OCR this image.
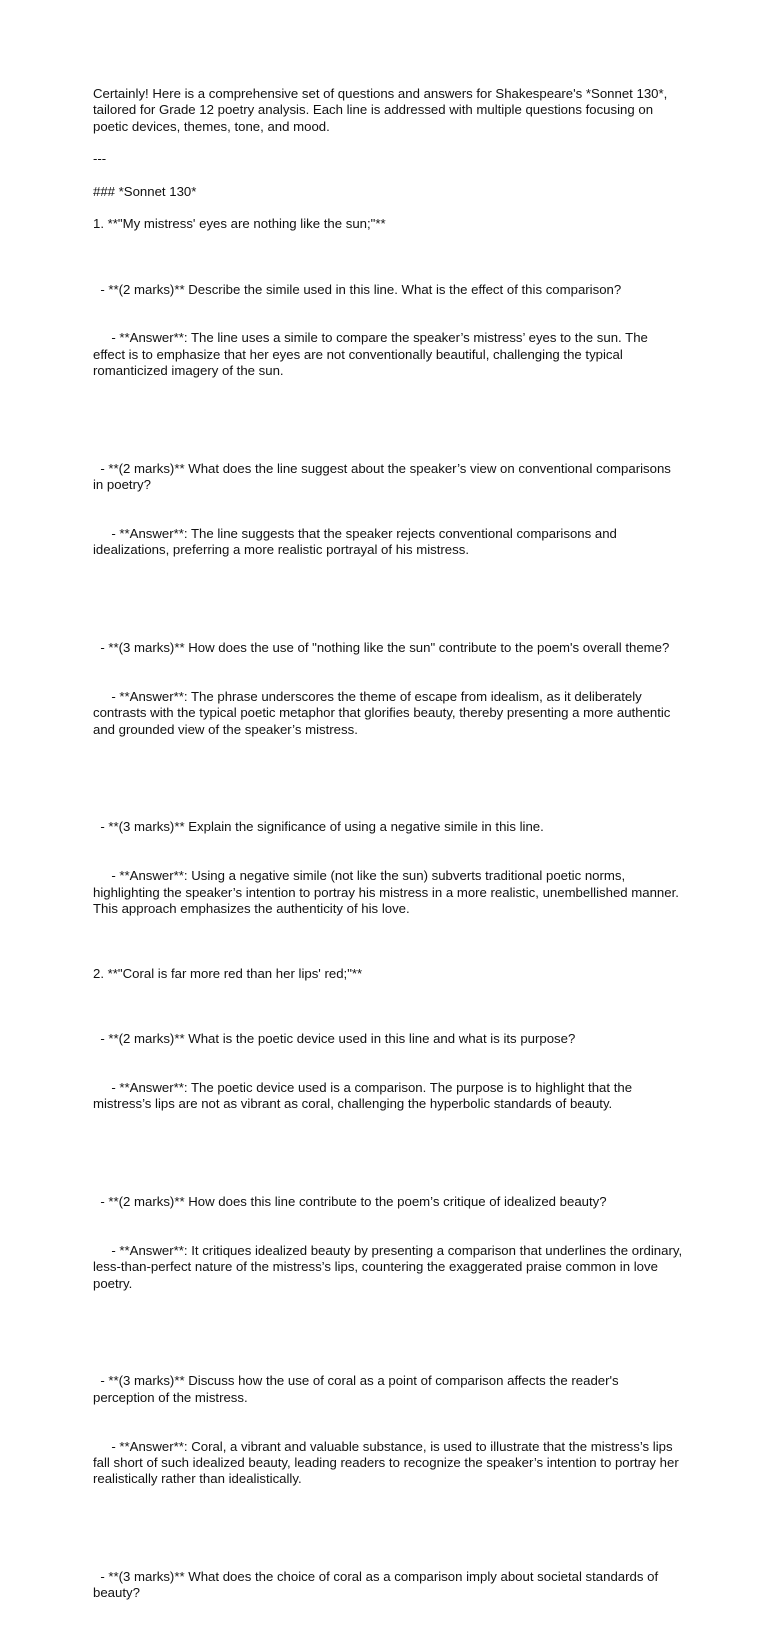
Certainly! Here is a comprehensive set of questions and answers for Shakespeare's *Sonnet 130*, tailored for Grade 12 poetry analysis. Each line is addressed with multiple questions focusing on poetic devices, themes, tone, and mood.

---

### *Sonnet 130*

1. **"My mistress' eyes are nothing like the sun;"**

- **(2 marks)** Describe the simile used in this line. What is the effect of this comparison?

- **Answer**: The line uses a simile to compare the speaker’s mistress’ eyes to the sun. The effect is to emphasize that her eyes are not conventionally beautiful, challenging the typical romanticized imagery of the sun.

- **(2 marks)** What does the line suggest about the speaker’s view on conventional comparisons in poetry?

- **Answer**: The line suggests that the speaker rejects conventional comparisons and idealizations, preferring a more realistic portrayal of his mistress.

- **(3 marks)** How does the use of "nothing like the sun" contribute to the poem's overall theme?

- **Answer**: The phrase underscores the theme of escape from idealism, as it deliberately contrasts with the typical poetic metaphor that glorifies beauty, thereby presenting a more authentic and grounded view of the speaker’s mistress.

- **(3 marks)** Explain the significance of using a negative simile in this line.

- **Answer**: Using a negative simile (not like the sun) subverts traditional poetic norms, highlighting the speaker’s intention to portray his mistress in a more realistic, unembellished manner. This approach emphasizes the authenticity of his love.

2. **"Coral is far more red than her lips' red;"**

- **(2 marks)** What is the poetic device used in this line and what is its purpose?

- **Answer**: The poetic device used is a comparison. The purpose is to highlight that the mistress’s lips are not as vibrant as coral, challenging the hyperbolic standards of beauty.

- **(2 marks)** How does this line contribute to the poem’s critique of idealized beauty?

- **Answer**: It critiques idealized beauty by presenting a comparison that underlines the ordinary, less-than-perfect nature of the mistress’s lips, countering the exaggerated praise common in love poetry.

- **(3 marks)** Discuss how the use of coral as a point of comparison affects the reader's perception of the mistress.

- **Answer**: Coral, a vibrant and valuable substance, is used to illustrate that the mistress’s lips fall short of such idealized beauty, leading readers to recognize the speaker’s intention to portray her realistically rather than idealistically.

- **(3 marks)** What does the choice of coral as a comparison imply about societal standards of beauty?
